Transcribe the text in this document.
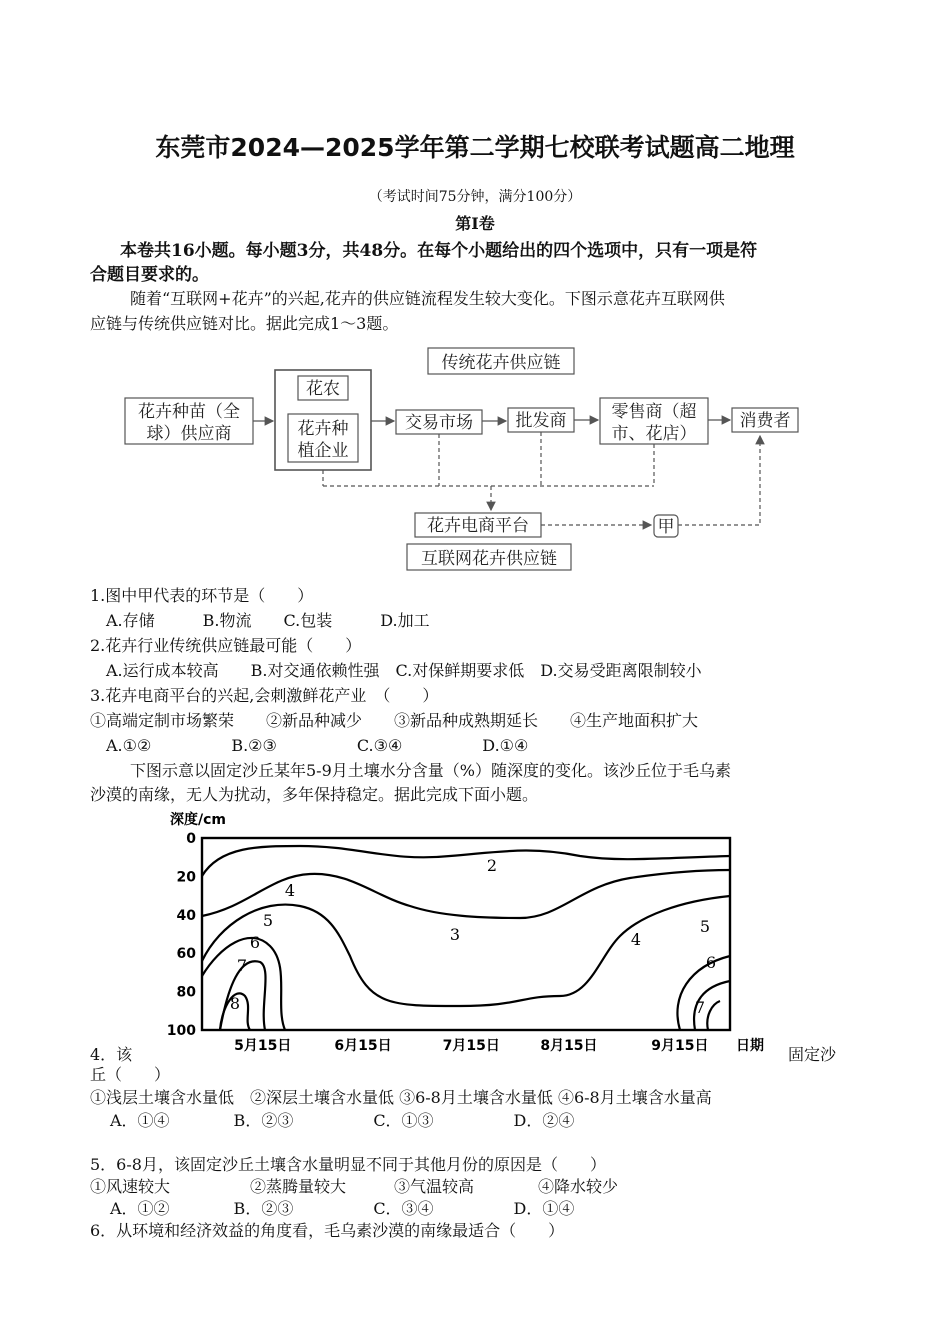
东莞市2024—2025学年第二学期七校联考试题高二地理
（考试时间75分钟，满分100分）
第Ⅰ卷
本卷共16小题。每小题3分，共48分。在每个小题给出的四个选项中，只有一项是符
合题目要求的。
随着“互联网+花卉”的兴起,花卉的供应链流程发生较大变化。下图示意花卉互联网供
应链与传统供应链对比。据此完成1～3题。
传统花卉供应链
花卉种苗（全
球）供应商
花农
花卉种
植企业
交易市场	批发商	零售商（超
市、花店）
消费者
花卉电商平台	甲
互联网花卉供应链
1.图中甲代表的环节是（　　）
A.存储　　　B.物流　　C.包装　　　D.加工
2.花卉行业传统供应链最可能（　　）
A.运行成本较高　　B.对交通依赖性强　C.对保鲜期要求低　D.交易受距离限制较小
3.花卉电商平台的兴起,会刺激鲜花产业　（　　）
①高端定制市场繁荣　　②新品种减少　　③新品种成熟期延长　　④生产地面积扩大
A.①②　　　　　B.②③　　　　　C.③④　　　　　D.①④
下图示意以固定沙丘某年5-9月土壤水分含量（%）随深度的变化。该沙丘位于毛乌素
沙漠的南缘，无人为扰动，多年保持稳定。据此完成下面小题。
深度/cm
0
20
40
60
80
100
5月15日	6月15日	7月15日	8月15日	9月15日 日期
2
3
4
4
5	5
6
6
7
7
8
4．该	固定沙
丘（　　）
①浅层土壤含水量低　②深层土壤含水量低 ③6-8月土壤含水量低 ④6-8月土壤含水量高
A．①④　　　　B．②③　　　　　C．①③　　　　　D．②④
5．6-8月，该固定沙丘土壤含水量明显不同于其他月份的原因是（　　）
①风速较大　　　　　②蒸腾量较大　　　③气温较高　　　　④降水较少
A．①②　　　　B．②③　　　　　C．③④　　　　　D．①④
6．从环境和经济效益的角度看，毛乌素沙漠的南缘最适合（　　）
